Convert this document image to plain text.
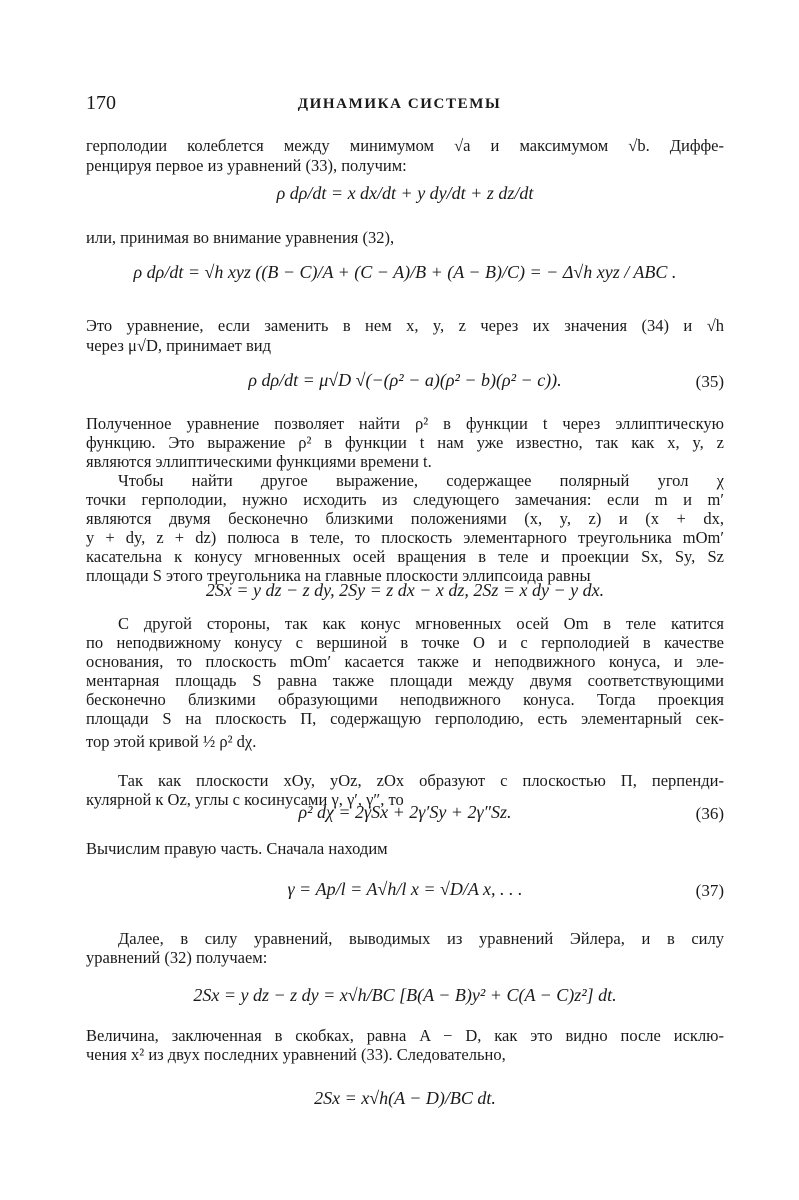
170	ДИНАМИКА СИСТЕМЫ
герполодии колеблется между минимумом √a и максимумом √b. Диффе-
ренцируя первое из уравнений (33), получим:
ρ dρ/dt = x dx/dt + y dy/dt + z dz/dt
или, принимая во внимание уравнения (32),
ρ dρ/dt = √h xyz ((B − C)/A + (C − A)/B + (A − B)/C) = − Δ√h xyz / ABC .
Это уравнение, если заменить в нем x, y, z через их значения (34) и √h
через μ√D, принимает вид
ρ dρ/dt = μ√D √(−(ρ² − a)(ρ² − b)(ρ² − c)).	(35)
Полученное уравнение позволяет найти ρ² в функции t через эллиптическую
функцию. Это выражение ρ² в функции t нам уже известно, так как x, y, z
являются эллиптическими функциями времени t.
Чтобы найти другое выражение, содержащее полярный угол χ
точки герполодии, нужно исходить из следующего замечания: если m и m′
являются двумя бесконечно близкими положениями (x, y, z) и (x + dx,
y + dy, z + dz) полюса в теле, то плоскость элементарного треугольника mOm′
касательна к конусу мгновенных осей вращения в теле и проекции Sx, Sy, Sz
площади S этого треугольника на главные плоскости эллипсоида равны
2Sx = y dz − z dy, 2Sy = z dx − x dz, 2Sz = x dy − y dx.
С другой стороны, так как конус мгновенных осей Om в теле катится
по неподвижному конусу с вершиной в точке O и с герполодией в качестве
основания, то плоскость mOm′ касается также и неподвижного конуса, и эле-
ментарная площадь S равна также площади между двумя соответствующими
бесконечно близкими образующими неподвижного конуса. Тогда проекция
площади S на плоскость Π, содержащую герполодию, есть элементарный сек-
тор этой кривой ½ ρ² dχ.
Так как плоскости xOy, yOz, zOx образуют с плоскостью Π, перпенди-
кулярной к Oz, углы с косинусами γ, γ′, γ″, то
ρ² dχ = 2γSx + 2γ′Sy + 2γ″Sz.	(36)
Вычислим правую часть. Сначала находим
γ = Ap/l = A√h/l x = √D/A x, . . .	(37)
Далее, в силу уравнений, выводимых из уравнений Эйлера, и в силу
уравнений (32) получаем:
2Sx = y dz − z dy = x√h/BC [B(A − B)y² + C(A − C)z²] dt.
Величина, заключенная в скобках, равна A − D, как это видно после исклю-
чения x² из двух последних уравнений (33). Следовательно,
2Sx = x√h(A − D)/BC dt.
